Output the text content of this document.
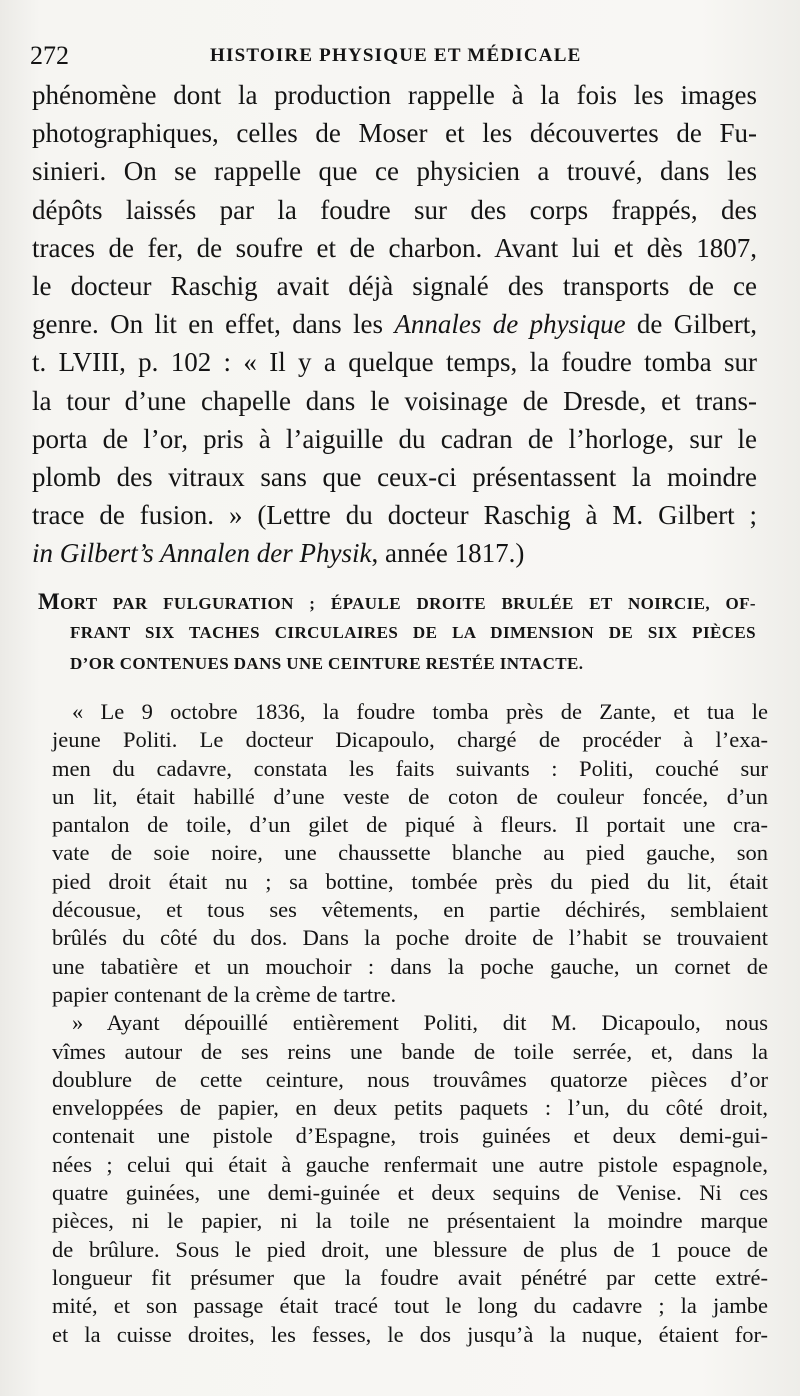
272	HISTOIRE PHYSIQUE ET MÉDICALE
phénomène dont la production rappelle à la fois les images
photographiques, celles de Moser et les découvertes de Fu-
sinieri. On se rappelle que ce physicien a trouvé, dans les
dépôts laissés par la foudre sur des corps frappés, des
traces de fer, de soufre et de charbon. Avant lui et dès 1807,
le docteur Raschig avait déjà signalé des transports de ce
genre. On lit en effet, dans les Annales de physique de Gilbert,
t. LVIII, p. 102 : « Il y a quelque temps, la foudre tomba sur
la tour d’une chapelle dans le voisinage de Dresde, et trans-
porta de l’or, pris à l’aiguille du cadran de l’horloge, sur le
plomb des vitraux sans que ceux-ci présentassent la moindre
trace de fusion. » (Lettre du docteur Raschig à M. Gilbert ;
in Gilbert’s Annalen der Physik, année 1817.)
MORT PAR FULGURATION ; ÉPAULE DROITE BRULÉE ET NOIRCIE, OF-
FRANT SIX TACHES CIRCULAIRES DE LA DIMENSION DE SIX PIÈCES
D’OR CONTENUES DANS UNE CEINTURE RESTÉE INTACTE.
« Le 9 octobre 1836, la foudre tomba près de Zante, et tua le
jeune Politi. Le docteur Dicapoulo, chargé de procéder à l’exa-
men du cadavre, constata les faits suivants : Politi, couché sur
un lit, était habillé d’une veste de coton de couleur foncée, d’un
pantalon de toile, d’un gilet de piqué à fleurs. Il portait une cra-
vate de soie noire, une chaussette blanche au pied gauche, son
pied droit était nu ; sa bottine, tombée près du pied du lit, était
décousue, et tous ses vêtements, en partie déchirés, semblaient
brûlés du côté du dos. Dans la poche droite de l’habit se trouvaient
une tabatière et un mouchoir : dans la poche gauche, un cornet de
papier contenant de la crème de tartre.
» Ayant dépouillé entièrement Politi, dit M. Dicapoulo, nous
vîmes autour de ses reins une bande de toile serrée, et, dans la
doublure de cette ceinture, nous trouvâmes quatorze pièces d’or
enveloppées de papier, en deux petits paquets : l’un, du côté droit,
contenait une pistole d’Espagne, trois guinées et deux demi-gui-
nées ; celui qui était à gauche renfermait une autre pistole espagnole,
quatre guinées, une demi-guinée et deux sequins de Venise. Ni ces
pièces, ni le papier, ni la toile ne présentaient la moindre marque
de brûlure. Sous le pied droit, une blessure de plus de 1 pouce de
longueur fit présumer que la foudre avait pénétré par cette extré-
mité, et son passage était tracé tout le long du cadavre ; la jambe
et la cuisse droites, les fesses, le dos jusqu’à la nuque, étaient for-
